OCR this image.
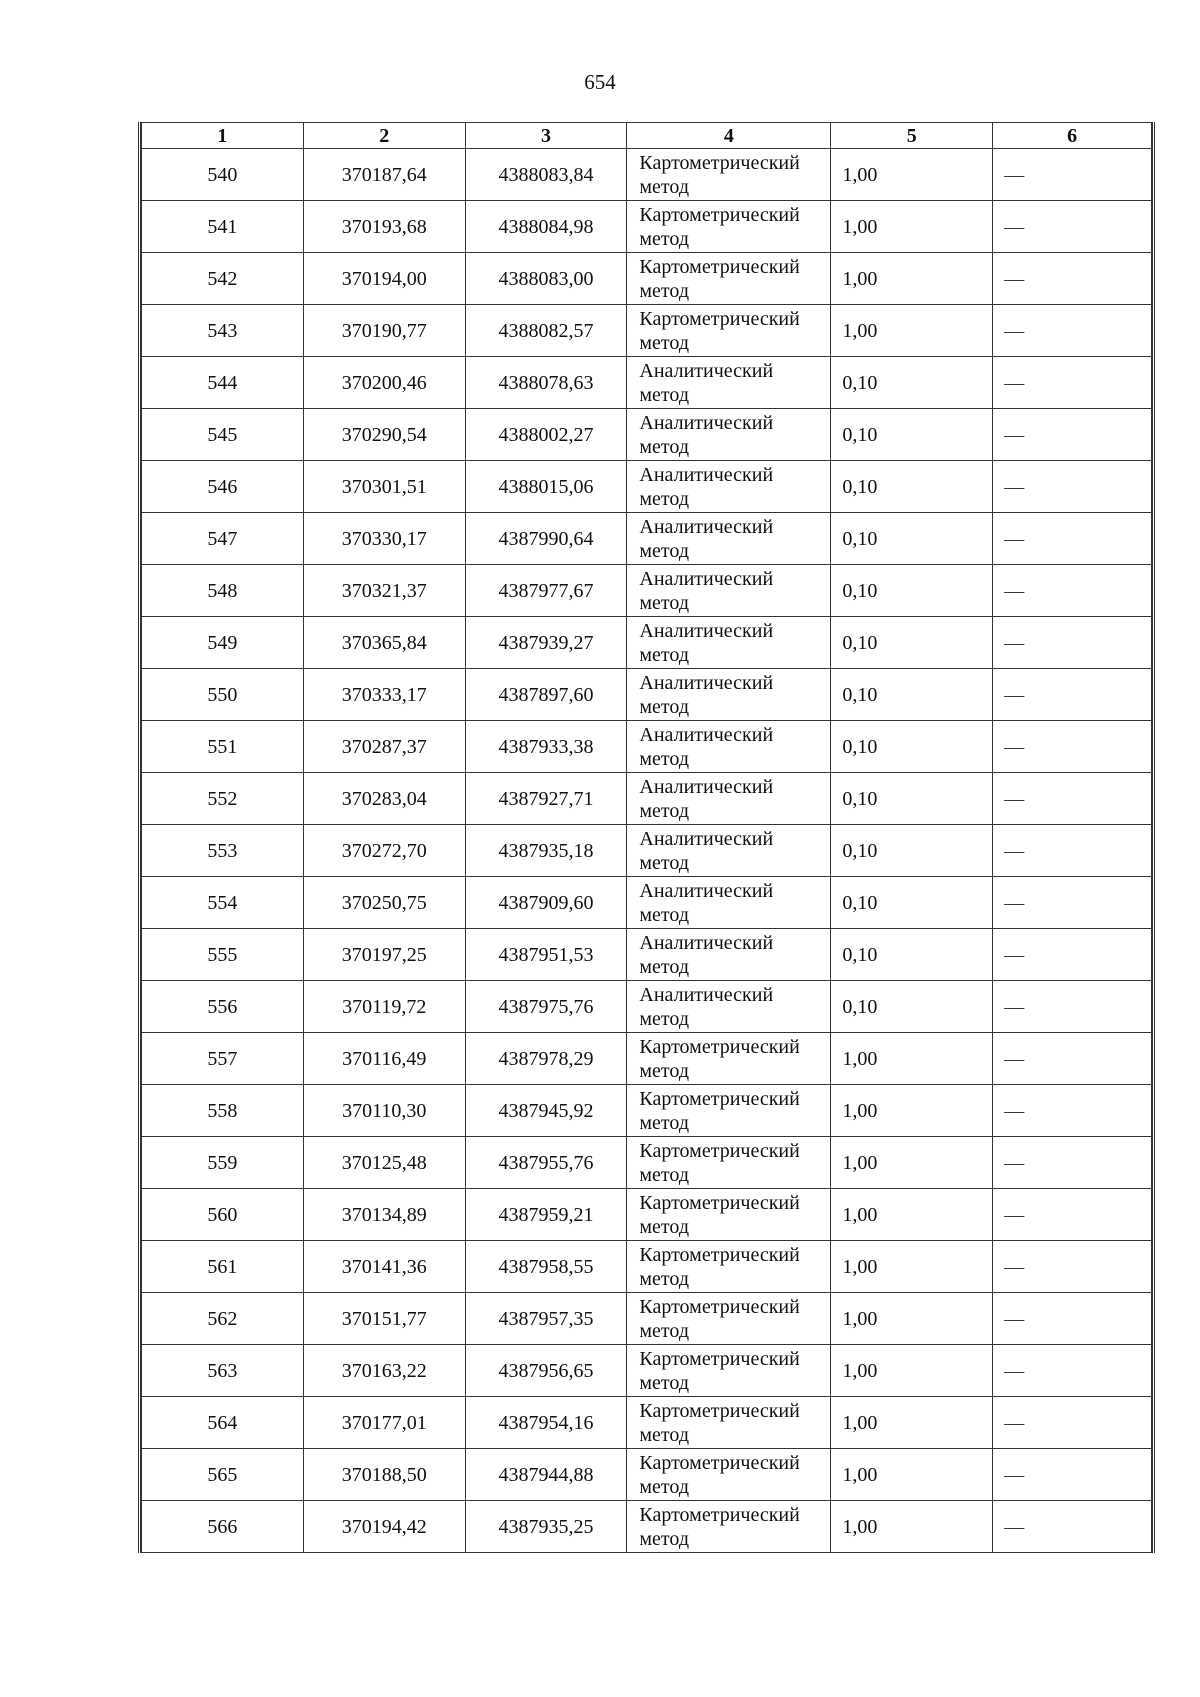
654
1	2	3	4	5	6
540	370187,64	4388083,84	Картометрический
метод	1,00	—
541	370193,68	4388084,98	Картометрический
метод	1,00	—
542	370194,00	4388083,00	Картометрический
метод	1,00	—
543	370190,77	4388082,57	Картометрический
метод	1,00	—
544	370200,46	4388078,63	Аналитический
метод	0,10	—
545	370290,54	4388002,27	Аналитический
метод	0,10	—
546	370301,51	4388015,06	Аналитический
метод	0,10	—
547	370330,17	4387990,64	Аналитический
метод	0,10	—
548	370321,37	4387977,67	Аналитический
метод	0,10	—
549	370365,84	4387939,27	Аналитический
метод	0,10	—
550	370333,17	4387897,60	Аналитический
метод	0,10	—
551	370287,37	4387933,38	Аналитический
метод	0,10	—
552	370283,04	4387927,71	Аналитический
метод	0,10	—
553	370272,70	4387935,18	Аналитический
метод	0,10	—
554	370250,75	4387909,60	Аналитический
метод	0,10	—
555	370197,25	4387951,53	Аналитический
метод	0,10	—
556	370119,72	4387975,76	Аналитический
метод	0,10	—
557	370116,49	4387978,29	Картометрический
метод	1,00	—
558	370110,30	4387945,92	Картометрический
метод	1,00	—
559	370125,48	4387955,76	Картометрический
метод	1,00	—
560	370134,89	4387959,21	Картометрический
метод	1,00	—
561	370141,36	4387958,55	Картометрический
метод	1,00	—
562	370151,77	4387957,35	Картометрический
метод	1,00	—
563	370163,22	4387956,65	Картометрический
метод	1,00	—
564	370177,01	4387954,16	Картометрический
метод	1,00	—
565	370188,50	4387944,88	Картометрический
метод	1,00	—
566	370194,42	4387935,25	Картометрический
метод	1,00	—
